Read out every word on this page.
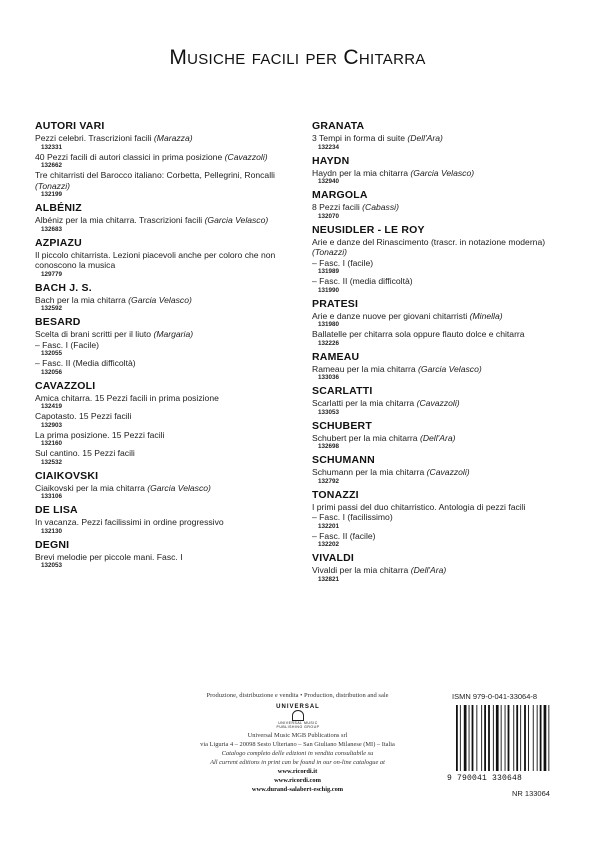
Musiche facili per Chitarra
AUTORI VARI
Pezzi celebri. Trascrizioni facili (Marazza)
132331
40 Pezzi facili di autori classici in prima posizione (Cavazzoli)
132662
Tre chitarristi del Barocco italiano: Corbetta, Pellegrini, Roncalli (Tonazzi)
132199
ALBÉNIZ
Albéniz per la mia chitarra. Trascrizioni facili (Garcia Velasco)
132683
AZPIAZU
Il piccolo chitarrista. Lezioni piacevoli anche per coloro che non conoscono la musica
129779
BACH J. S.
Bach per la mia chitarra (Garcia Velasco)
132592
BESARD
Scelta di brani scritti per il liuto (Margaria)
– Fasc. I (Facile)
132055
– Fasc. II (Media difficoltà)
132056
CAVAZZOLI
Amica chitarra. 15 Pezzi facili in prima posizione
132419
Capotasto. 15 Pezzi facili
132903
La prima posizione. 15 Pezzi facili
132160
Sul cantino. 15 Pezzi facili
132532
CIAIKOVSKI
Ciaikovski per la mia chitarra (Garcia Velasco)
133106
DE LISA
In vacanza. Pezzi facilissimi in ordine progressivo
132130
DEGNI
Brevi melodie per piccole mani. Fasc. I
132053
GRANATA
3 Tempi in forma di suite (Dell'Ara)
132234
HAYDN
Haydn per la mia chitarra (Garcia Velasco)
132940
MARGOLA
8 Pezzi facili (Cabassi)
132070
NEUSIDLER - LE ROY
Arie e danze del Rinascimento (trascr. in notazione moderna) (Tonazzi)
– Fasc. I (facile)
131989
– Fasc. II (media difficoltà)
131990
PRATESI
Arie e danze nuove per giovani chitarristi (Minella)
131980
Ballatelle per chitarra sola oppure flauto dolce e chitarra
132226
RAMEAU
Rameau per la mia chitarra (Garcia Velasco)
133036
SCARLATTI
Scarlatti per la mia chitarra (Cavazzoli)
133053
SCHUBERT
Schubert per la mia chitarra (Dell'Ara)
132698
SCHUMANN
Schumann per la mia chitarra (Cavazzoli)
132792
TONAZZI
I primi passi del duo chitarristico. Antologia di pezzi facili
– Fasc. I (facilissimo)
132201
– Fasc. II (facile)
132202
VIVALDI
Vivaldi per la mia chitarra (Dell'Ara)
132821
Produzione, distribuzione e vendita • Production, distribution and sale
UNIVERSAL
UNIVERSAL MUSIC PUBLISHING GROUP
Universal Music MGB Publications srl
via Liguria 4 – 20098 Sesto Ulteriano – San Giuliano Milanese (MI) – Italia
Catalogo completo delle edizioni in vendita consultabile su
All current editions in print can be found in our on-line catalogue at
www.ricordi.it
www.ricordi.com
www.durand-salabert-eschig.com
ISMN 979-0-041-33064-8
9 790041 330648
NR 133064
